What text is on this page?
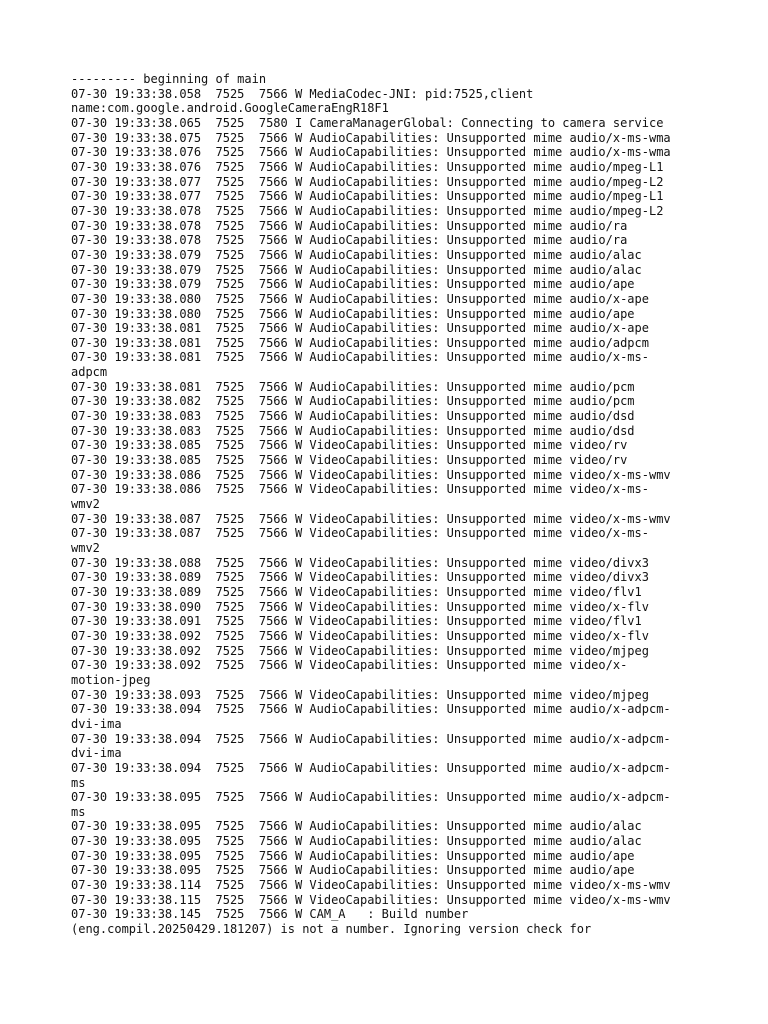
--------- beginning of main
07-30 19:33:38.058  7525  7566 W MediaCodec-JNI: pid:7525,client
name:com.google.android.GoogleCameraEngR18F1
07-30 19:33:38.065  7525  7580 I CameraManagerGlobal: Connecting to camera service
07-30 19:33:38.075  7525  7566 W AudioCapabilities: Unsupported mime audio/x-ms-wma
07-30 19:33:38.076  7525  7566 W AudioCapabilities: Unsupported mime audio/x-ms-wma
07-30 19:33:38.076  7525  7566 W AudioCapabilities: Unsupported mime audio/mpeg-L1
07-30 19:33:38.077  7525  7566 W AudioCapabilities: Unsupported mime audio/mpeg-L2
07-30 19:33:38.077  7525  7566 W AudioCapabilities: Unsupported mime audio/mpeg-L1
07-30 19:33:38.078  7525  7566 W AudioCapabilities: Unsupported mime audio/mpeg-L2
07-30 19:33:38.078  7525  7566 W AudioCapabilities: Unsupported mime audio/ra
07-30 19:33:38.078  7525  7566 W AudioCapabilities: Unsupported mime audio/ra
07-30 19:33:38.079  7525  7566 W AudioCapabilities: Unsupported mime audio/alac
07-30 19:33:38.079  7525  7566 W AudioCapabilities: Unsupported mime audio/alac
07-30 19:33:38.079  7525  7566 W AudioCapabilities: Unsupported mime audio/ape
07-30 19:33:38.080  7525  7566 W AudioCapabilities: Unsupported mime audio/x-ape
07-30 19:33:38.080  7525  7566 W AudioCapabilities: Unsupported mime audio/ape
07-30 19:33:38.081  7525  7566 W AudioCapabilities: Unsupported mime audio/x-ape
07-30 19:33:38.081  7525  7566 W AudioCapabilities: Unsupported mime audio/adpcm
07-30 19:33:38.081  7525  7566 W AudioCapabilities: Unsupported mime audio/x-ms-
adpcm
07-30 19:33:38.081  7525  7566 W AudioCapabilities: Unsupported mime audio/pcm
07-30 19:33:38.082  7525  7566 W AudioCapabilities: Unsupported mime audio/pcm
07-30 19:33:38.083  7525  7566 W AudioCapabilities: Unsupported mime audio/dsd
07-30 19:33:38.083  7525  7566 W AudioCapabilities: Unsupported mime audio/dsd
07-30 19:33:38.085  7525  7566 W VideoCapabilities: Unsupported mime video/rv
07-30 19:33:38.085  7525  7566 W VideoCapabilities: Unsupported mime video/rv
07-30 19:33:38.086  7525  7566 W VideoCapabilities: Unsupported mime video/x-ms-wmv
07-30 19:33:38.086  7525  7566 W VideoCapabilities: Unsupported mime video/x-ms-
wmv2
07-30 19:33:38.087  7525  7566 W VideoCapabilities: Unsupported mime video/x-ms-wmv
07-30 19:33:38.087  7525  7566 W VideoCapabilities: Unsupported mime video/x-ms-
wmv2
07-30 19:33:38.088  7525  7566 W VideoCapabilities: Unsupported mime video/divx3
07-30 19:33:38.089  7525  7566 W VideoCapabilities: Unsupported mime video/divx3
07-30 19:33:38.089  7525  7566 W VideoCapabilities: Unsupported mime video/flv1
07-30 19:33:38.090  7525  7566 W VideoCapabilities: Unsupported mime video/x-flv
07-30 19:33:38.091  7525  7566 W VideoCapabilities: Unsupported mime video/flv1
07-30 19:33:38.092  7525  7566 W VideoCapabilities: Unsupported mime video/x-flv
07-30 19:33:38.092  7525  7566 W VideoCapabilities: Unsupported mime video/mjpeg
07-30 19:33:38.092  7525  7566 W VideoCapabilities: Unsupported mime video/x-
motion-jpeg
07-30 19:33:38.093  7525  7566 W VideoCapabilities: Unsupported mime video/mjpeg
07-30 19:33:38.094  7525  7566 W AudioCapabilities: Unsupported mime audio/x-adpcm-
dvi-ima
07-30 19:33:38.094  7525  7566 W AudioCapabilities: Unsupported mime audio/x-adpcm-
dvi-ima
07-30 19:33:38.094  7525  7566 W AudioCapabilities: Unsupported mime audio/x-adpcm-
ms
07-30 19:33:38.095  7525  7566 W AudioCapabilities: Unsupported mime audio/x-adpcm-
ms
07-30 19:33:38.095  7525  7566 W AudioCapabilities: Unsupported mime audio/alac
07-30 19:33:38.095  7525  7566 W AudioCapabilities: Unsupported mime audio/alac
07-30 19:33:38.095  7525  7566 W AudioCapabilities: Unsupported mime audio/ape
07-30 19:33:38.095  7525  7566 W AudioCapabilities: Unsupported mime audio/ape
07-30 19:33:38.114  7525  7566 W VideoCapabilities: Unsupported mime video/x-ms-wmv
07-30 19:33:38.115  7525  7566 W VideoCapabilities: Unsupported mime video/x-ms-wmv
07-30 19:33:38.145  7525  7566 W CAM_A   : Build number
(eng.compil.20250429.181207) is not a number. Ignoring version check for
